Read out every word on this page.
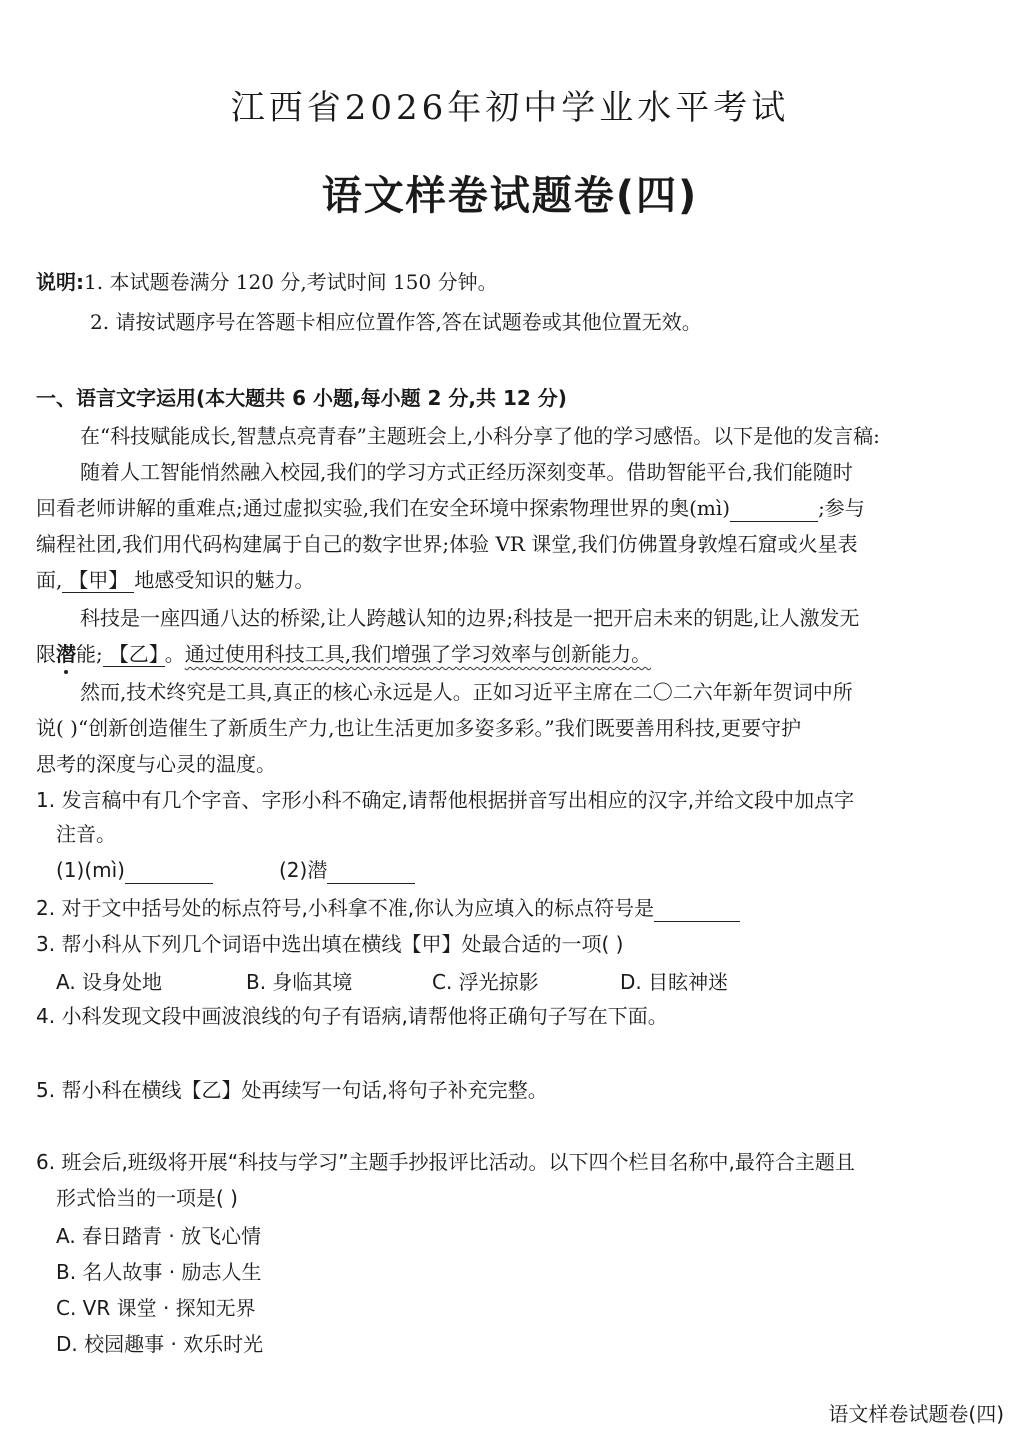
江西省2026年初中学业水平考试
语文样卷试题卷(四)
说明:1. 本试题卷满分 120 分,考试时间 150 分钟。
2. 请按试题序号在答题卡相应位置作答,答在试题卷或其他位置无效。
一、语言文字运用(本大题共 6 小题,每小题 2 分,共 12 分)
在“科技赋能成长,智慧点亮青春”主题班会上,小科分享了他的学习感悟。以下是他的发言稿:
随着人工智能悄然融入校园,我们的学习方式正经历深刻变革。借助智能平台,我们能随时
回看老师讲解的重难点;通过虚拟实验,我们在安全环境中探索物理世界的奥(mì)	;参与
编程社团,我们用代码构建属于自己的数字世界;体验 VR 课堂,我们仿佛置身敦煌石窟或火星表
面, 【甲】 地感受知识的魅力。
科技是一座四通八达的桥梁,让人跨越认知的边界;科技是一把开启未来的钥匙,让人激发无
限潜能; 【乙】 。通过使用科技工具,我们增强了学习效率与创新能力。
然而,技术终究是工具,真正的核心永远是人。正如习近平主席在二〇二六年新年贺词中所
说( )“创新创造催生了新质生产力,也让生活更加多姿多彩。”我们既要善用科技,更要守护
思考的深度与心灵的温度。
1. 发言稿中有几个字音、字形小科不确定,请帮他根据拼音写出相应的汉字,并给文段中加点字
注音。
(1)(mì)	(2)潜
2. 对于文中括号处的标点符号,小科拿不准,你认为应填入的标点符号是
3. 帮小科从下列几个词语中选出填在横线【甲】处最合适的一项( )
A. 设身处地	B. 身临其境	C. 浮光掠影	D. 目眩神迷
4. 小科发现文段中画波浪线的句子有语病,请帮他将正确句子写在下面。
5. 帮小科在横线【乙】处再续写一句话,将句子补充完整。
6. 班会后,班级将开展“科技与学习”主题手抄报评比活动。以下四个栏目名称中,最符合主题且
形式恰当的一项是( )
A. 春日踏青 · 放飞心情
B. 名人故事 · 励志人生
C. VR 课堂 · 探知无界
D. 校园趣事 · 欢乐时光
语文样卷试题卷(四)
